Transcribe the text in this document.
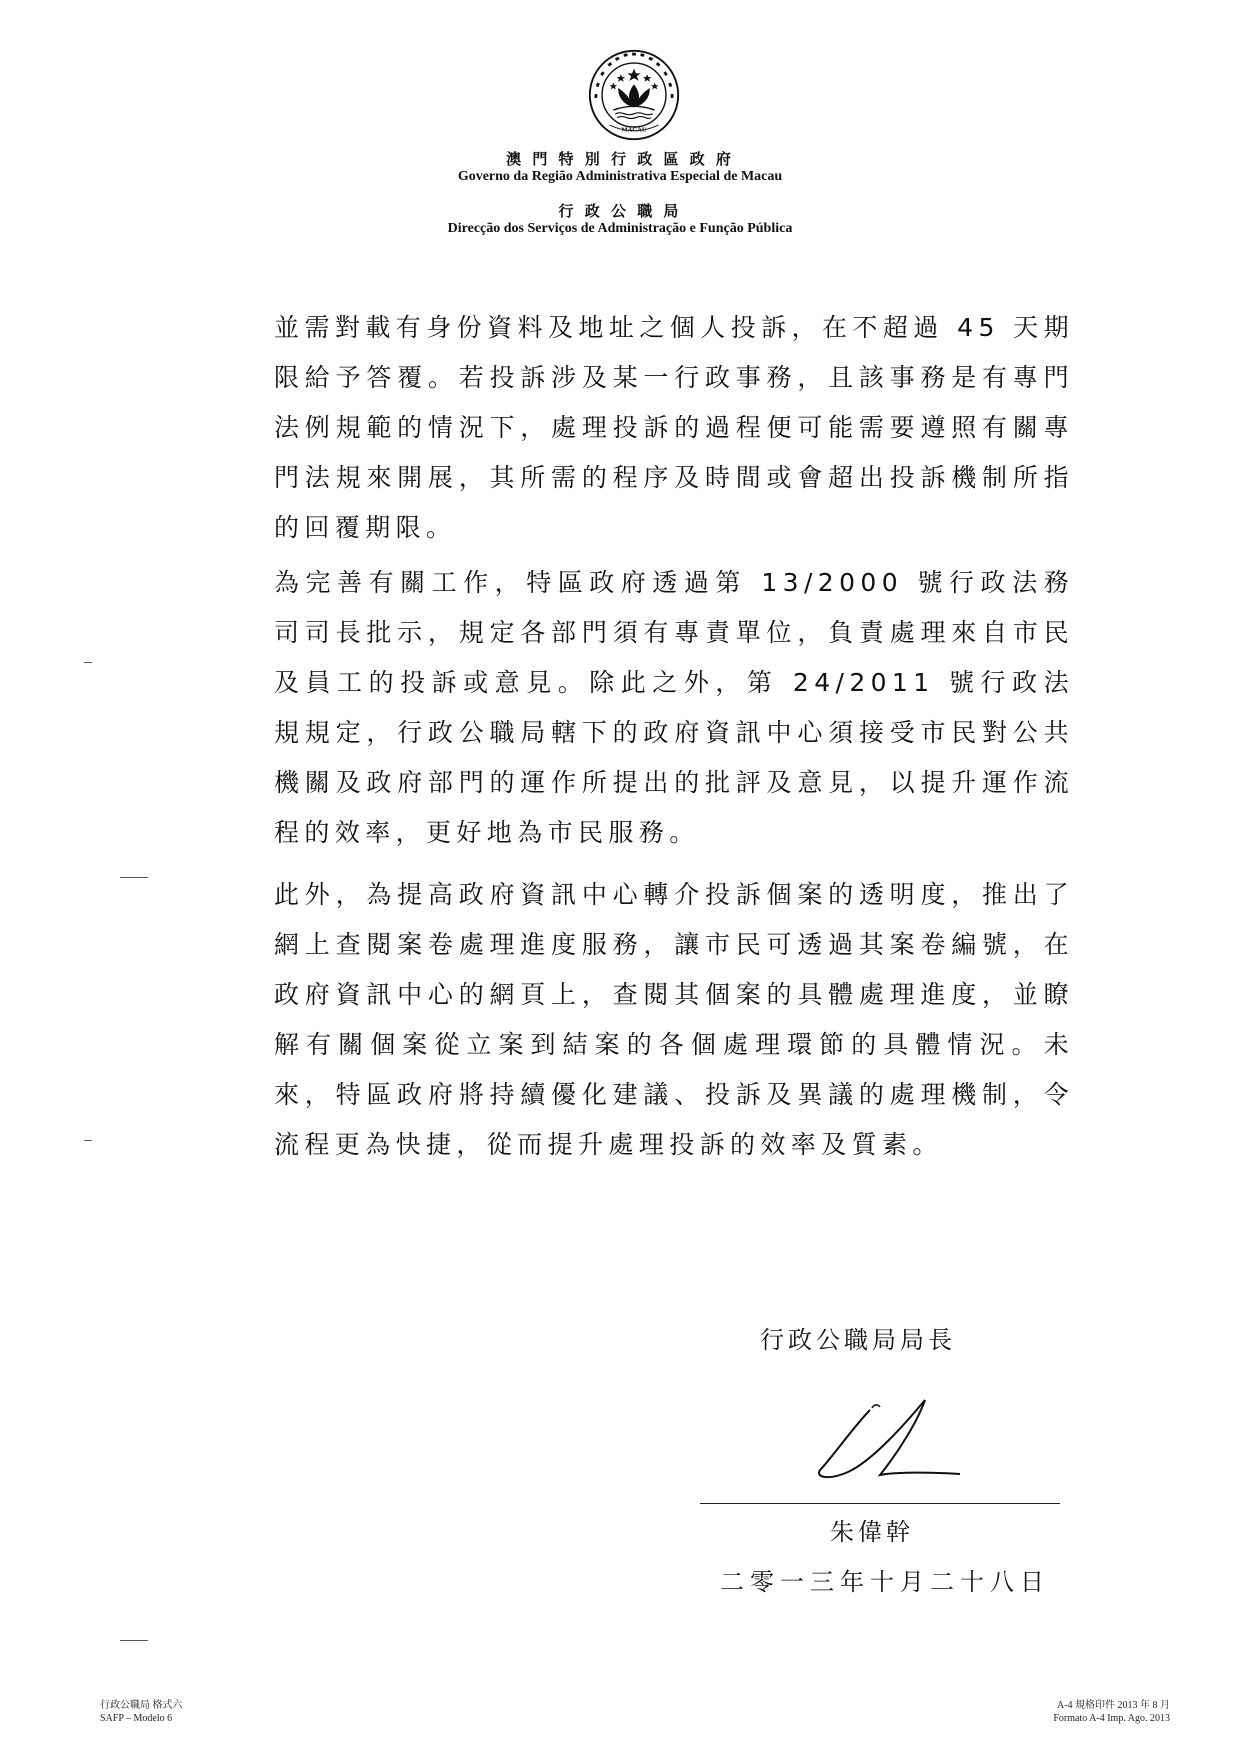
MACAU
澳 門 特 別 行 政 區 政 府
Governo da Região Administrativa Especial de Macau
行 政 公 職 局
Direcção dos Serviços de Administração e Função Pública

並需對載有身份資料及地址之個人投訴，在不超過 45 天期限給予答覆。若投訴涉及某一行政事務，且該事務是有專門法例規範的情況下，處理投訴的過程便可能需要遵照有關專門法規來開展，其所需的程序及時間或會超出投訴機制所指的回覆期限。

為完善有關工作，特區政府透過第 13/2000 號行政法務司司長批示，規定各部門須有專責單位，負責處理來自市民及員工的投訴或意見。除此之外，第 24/2011 號行政法規規定，行政公職局轄下的政府資訊中心須接受市民對公共機關及政府部門的運作所提出的批評及意見，以提升運作流程的效率，更好地為市民服務。

此外，為提高政府資訊中心轉介投訴個案的透明度，推出了網上查閱案卷處理進度服務，讓市民可透過其案卷編號，在政府資訊中心的網頁上，查閱其個案的具體處理進度，並瞭解有關個案從立案到結案的各個處理環節的具體情況。未來，特區政府將持續優化建議、投訴及異議的處理機制，令流程更為快捷，從而提升處理投訴的效率及質素。

行政公職局局長
朱偉幹
二零一三年十月二十八日
行政公職局 格式六
SAFP – Modelo 6
A-4 規格印件 2013 年 8 月
Formato A-4 Imp. Ago. 2013
